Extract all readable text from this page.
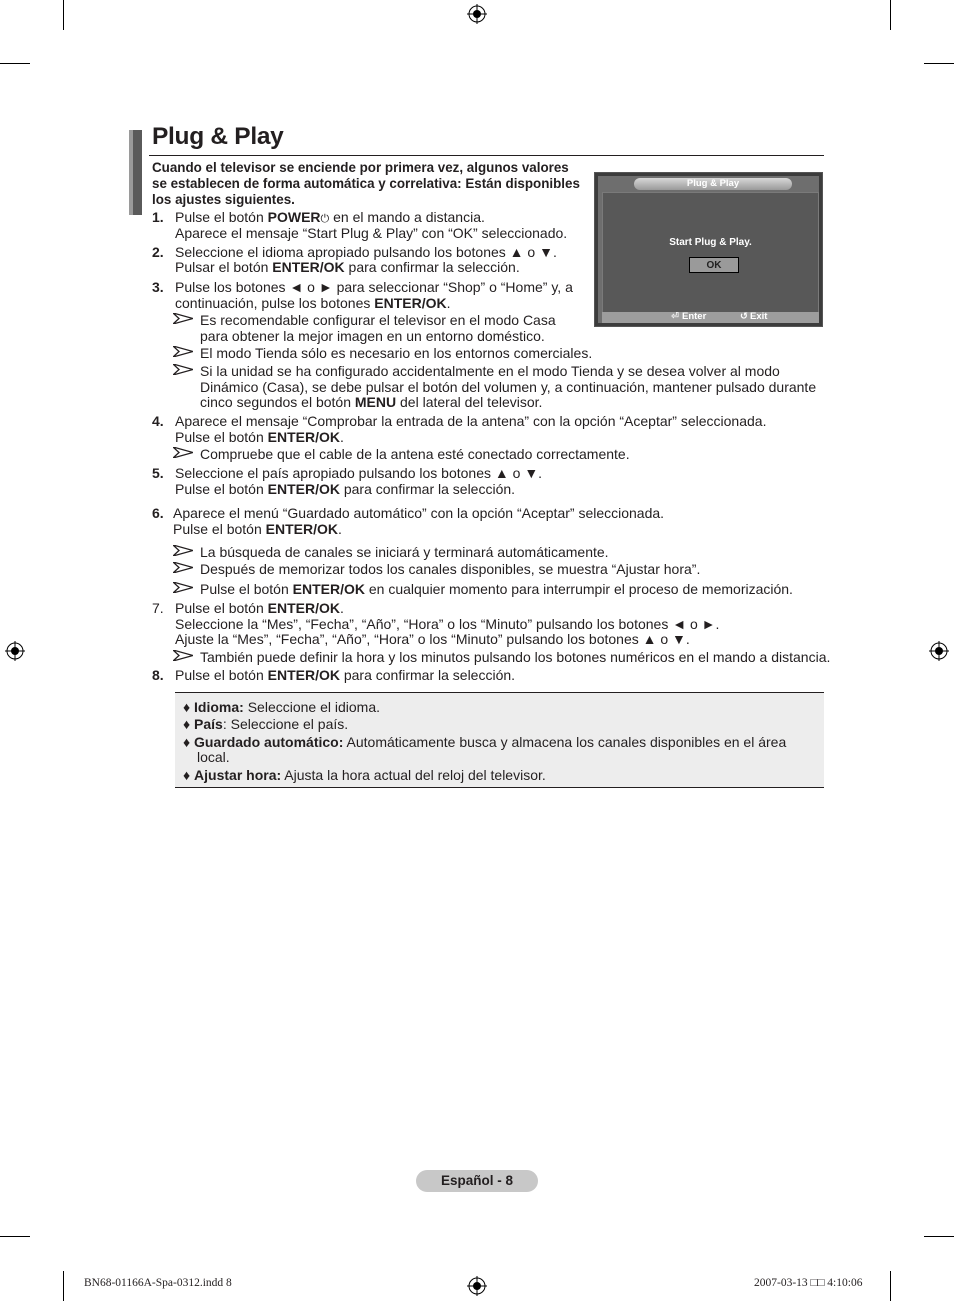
Plug & Play
Cuando el televisor se enciende por primera vez, algunos valores se establecen de forma automática y correlativa: Están disponibles los ajustes siguientes.
Plug & Play
Start Plug & Play.
OK
⏎ Enter	↺ Exit
1. Pulse el botón POWER⏻ en el mando a distancia.
Aparece el mensaje “Start Plug & Play” con “OK” seleccionado.
2. Seleccione el idioma apropiado pulsando los botones ▲ o ▼.
Pulsar el botón ENTER/OK para confirmar la selección.
3. Pulse los botones ◄ o ► para seleccionar “Shop” o “Home” y, a
continuación, pulse los botones ENTER/OK.
Es recomendable configurar el televisor en el modo Casa
para obtener la mejor imagen en un entorno doméstico.
El modo Tienda sólo es necesario en los entornos comerciales.
Si la unidad se ha configurado accidentalmente en el modo Tienda y se desea volver al modo
Dinámico (Casa), se debe pulsar el botón del volumen y, a continuación, mantener pulsado durante
cinco segundos el botón MENU del lateral del televisor.
4. Aparece el mensaje “Comprobar la entrada de la antena” con la opción “Aceptar” seleccionada.
Pulse el botón ENTER/OK.
Compruebe que el cable de la antena esté conectado correctamente.
5. Seleccione el país apropiado pulsando los botones ▲ o ▼.
Pulse el botón ENTER/OK para confirmar la selección.
6. Aparece el menú “Guardado automático” con la opción “Aceptar” seleccionada.
Pulse el botón ENTER/OK.
La búsqueda de canales se iniciará y terminará automáticamente.
Después de memorizar todos los canales disponibles, se muestra “Ajustar hora”.
Pulse el botón ENTER/OK en cualquier momento para interrumpir el proceso de memorización.
7. Pulse el botón ENTER/OK.
Seleccione la “Mes”, “Fecha”, “Año”, “Hora” o los “Minuto” pulsando los botones ◄ o ►.
Ajuste la “Mes”, “Fecha”, “Año”, “Hora” o los “Minuto” pulsando los botones ▲ o ▼.
También puede definir la hora y los minutos pulsando los botones numéricos en el mando a distancia.
8. Pulse el botón ENTER/OK para confirmar la selección.
♦ Idioma: Seleccione el idioma.
♦ País: Seleccione el país.
♦ Guardado automático: Automáticamente busca y almacena los canales disponibles en el área
local.
♦ Ajustar hora: Ajusta la hora actual del reloj del televisor.
Español - 8
BN68-01166A-Spa-0312.indd 8	2007-03-13 □□ 4:10:06
